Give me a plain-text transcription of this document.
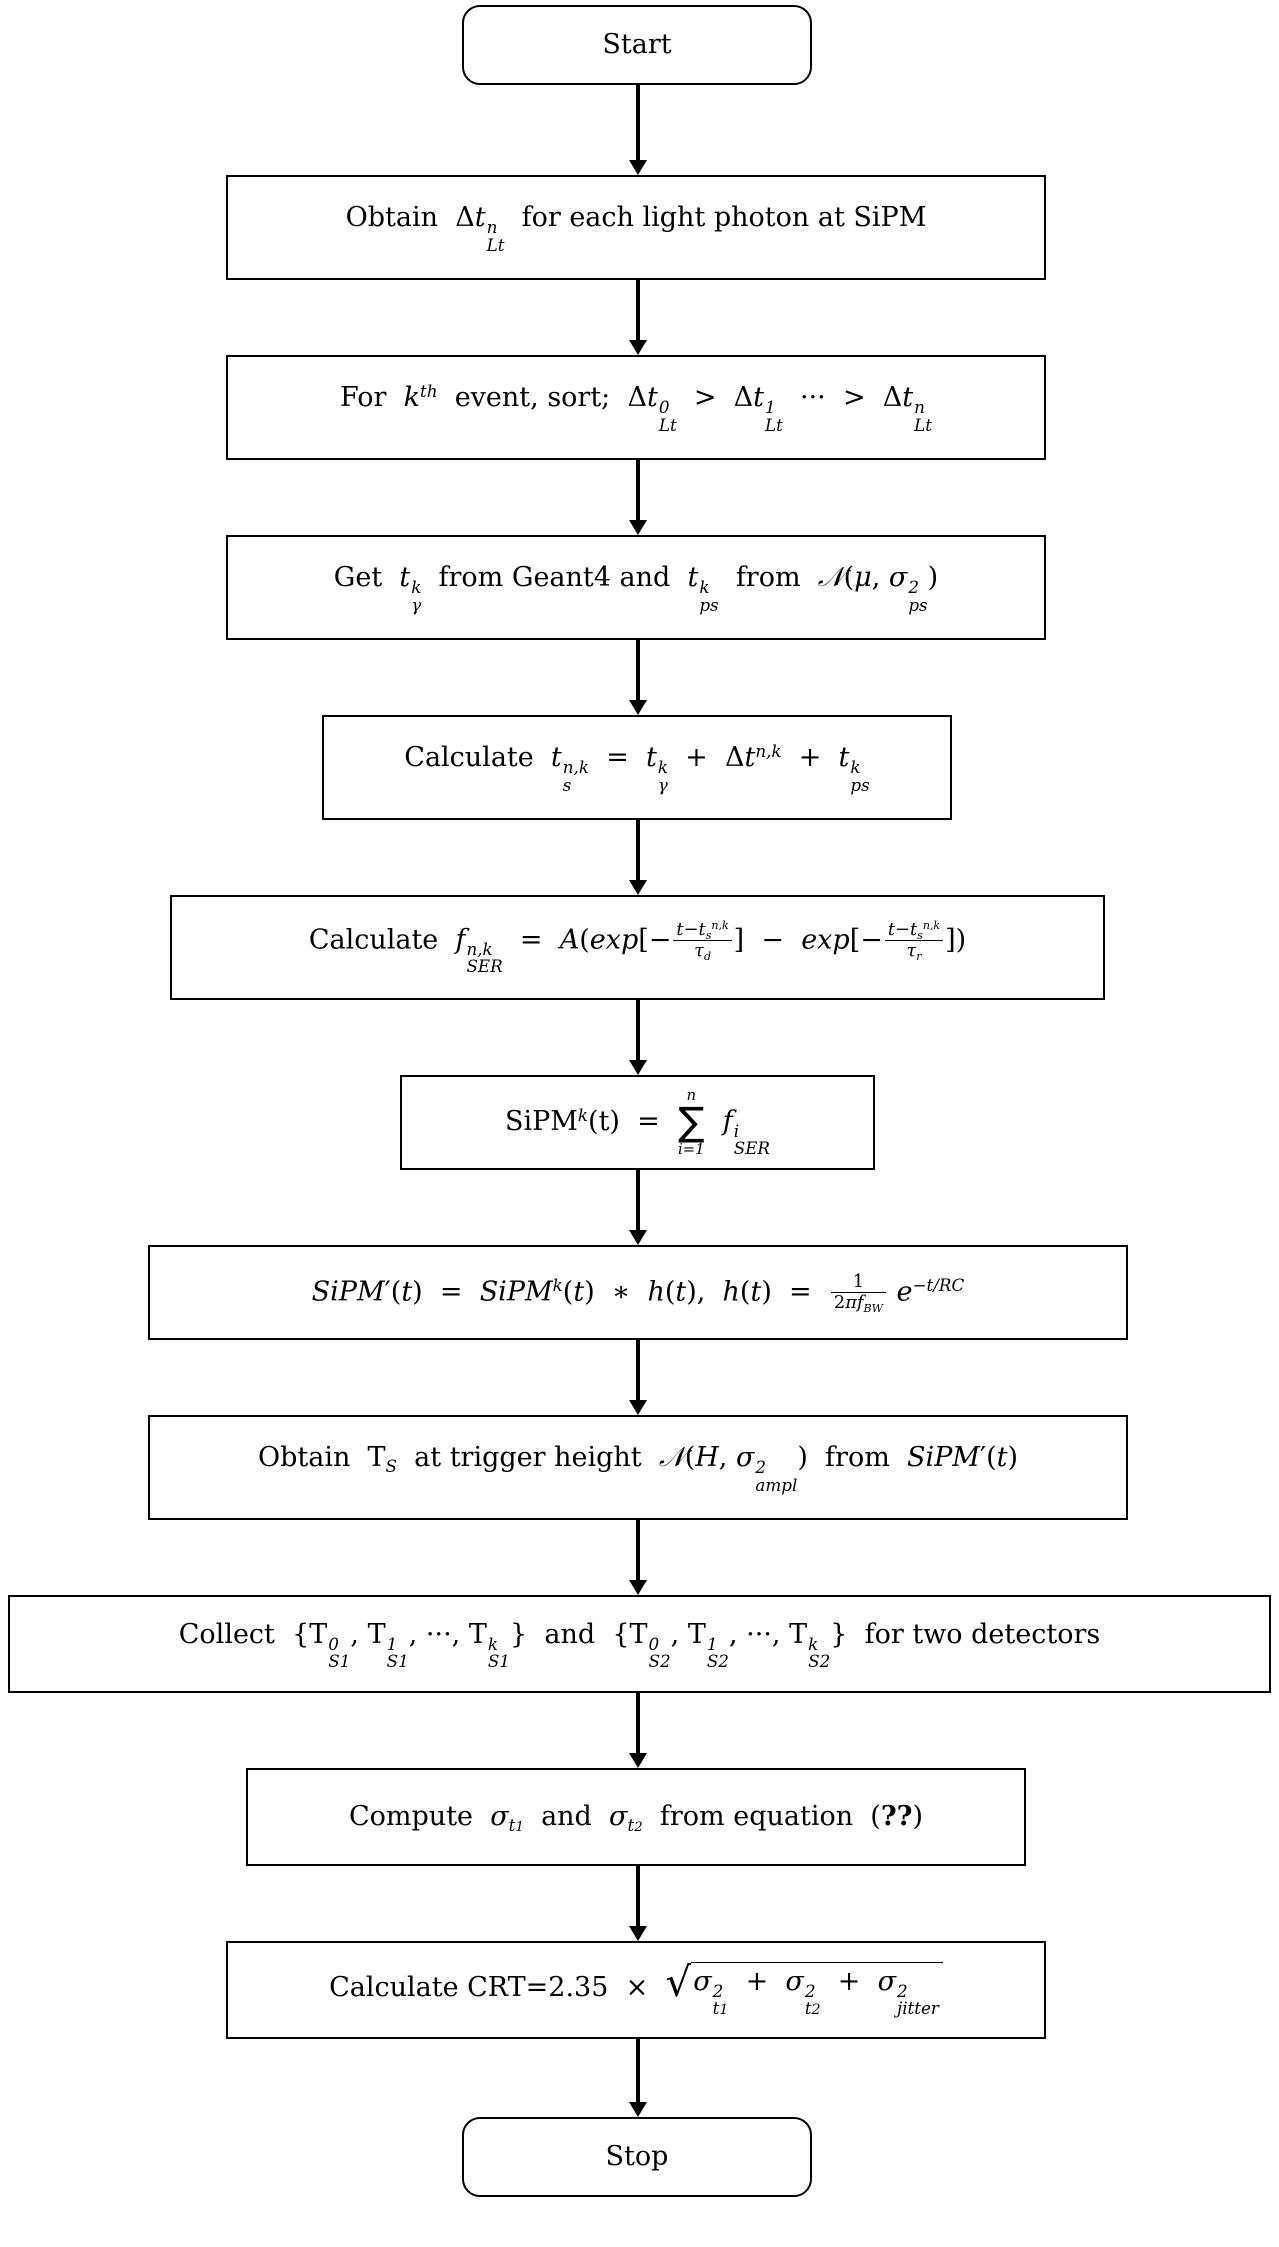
Start
Obtain  Δt n
Lt
for each light photon at SiPM
For $k^{th}$ event, sort; Δt 0
Lt
> Δt 1
Lt
··· > Δt n
Lt
Get t k
γ
from Geant4 and t k
ps
from 𝒩(μ, σ 2
ps
)
Calculate t n,k
s
= t k
γ
+ Δt$^{n,k}$ + t k
ps
Calculate f n,k
SER
= $A(\exp[- \frac{t-t_s^{n,k}}{\tau_d}$ ] − $\exp[- \frac{t-t_s^{n,k}}{\tau_r}$ ])
SiPM$^k$(t) =
n
∑
i=1
f i
SER
SiPM′(t) = SiPM$^k$(t) ∗ h(t), $h(t) = \frac{1}{2\pi f_{BW}} e^{-t/RC}$
Obtain $T_S$ at trigger height 𝒩(H, σ 2
ampl
) from SiPM′(t)
Collect {T 0
S1
, T 1
S1
, ···, T k
S1
} and {T 0
S2
, T 1
S2
, ···, T k
S2
} for two detectors
Compute $\sigma_{t1}$ and $\sigma_{t2}$ from equation (??)
Calculate CRT=2.35 × √ σ 2
t1
+ σ 2
t2
+ σ 2
jitter
Stop
